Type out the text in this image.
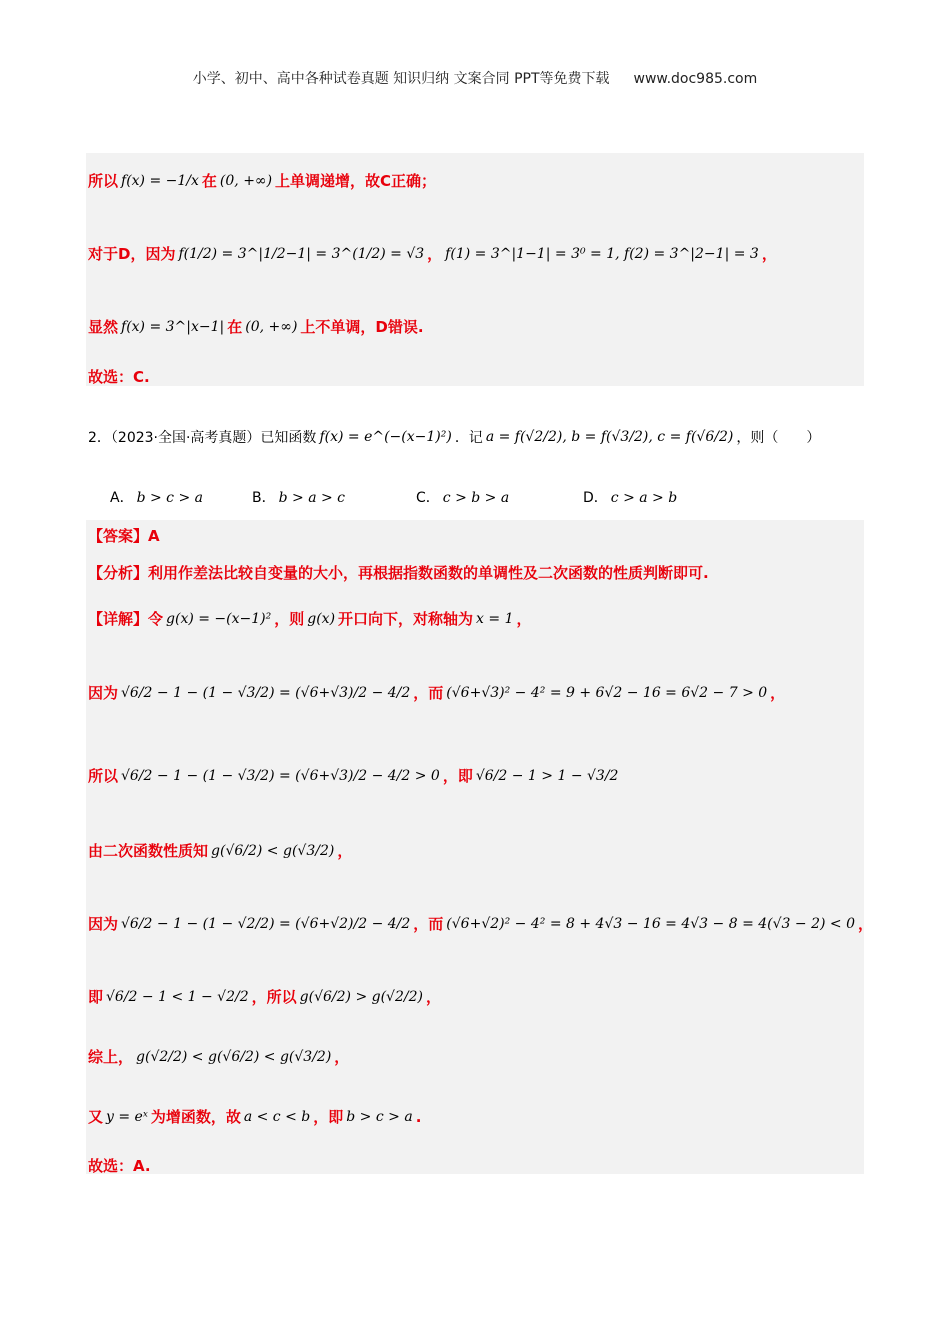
小学、初中、高中各种试卷真题 知识归纳 文案合同 PPT等免费下载 www.doc985.com
所以 f(x) = −1/x 在 (0, +∞) 上单调递增，故C正确；
对于D，因为 f(1/2) = 3^|1/2−1| = 3^(1/2) = √3 ， f(1) = 3^|1−1| = 3⁰ = 1, f(2) = 3^|2−1| = 3 ，
显然 f(x) = 3^|x−1| 在 (0, +∞) 上不单调，D错误.
故选：C.
2．（2023·全国·高考真题）已知函数 f(x) = e^(−(x−1)²) ．记 a = f(√2/2), b = f(√3/2), c = f(√6/2) ，则（　　）
A． b > c > a	B． b > a > c	C． c > b > a	D． c > a > b
【答案】A
【分析】利用作差法比较自变量的大小，再根据指数函数的单调性及二次函数的性质判断即可.
【详解】令 g(x) = −(x−1)² ，则 g(x) 开口向下，对称轴为 x = 1 ，
因为 √6/2 − 1 − (1 − √3/2) = (√6+√3)/2 − 4/2 ，而 (√6+√3)² − 4² = 9 + 6√2 − 16 = 6√2 − 7 > 0 ，
所以 √6/2 − 1 − (1 − √3/2) = (√6+√3)/2 − 4/2 > 0 ，即 √6/2 − 1 > 1 − √3/2
由二次函数性质知 g(√6/2) < g(√3/2) ，
因为 √6/2 − 1 − (1 − √2/2) = (√6+√2)/2 − 4/2 ，而 (√6+√2)² − 4² = 8 + 4√3 − 16 = 4√3 − 8 = 4(√3 − 2) < 0 ，
即 √6/2 − 1 < 1 − √2/2 ，所以 g(√6/2) > g(√2/2) ，
综上， g(√2/2) < g(√6/2) < g(√3/2) ，
又 y = eˣ 为增函数，故 a < c < b ，即 b > c > a .
故选：A.
